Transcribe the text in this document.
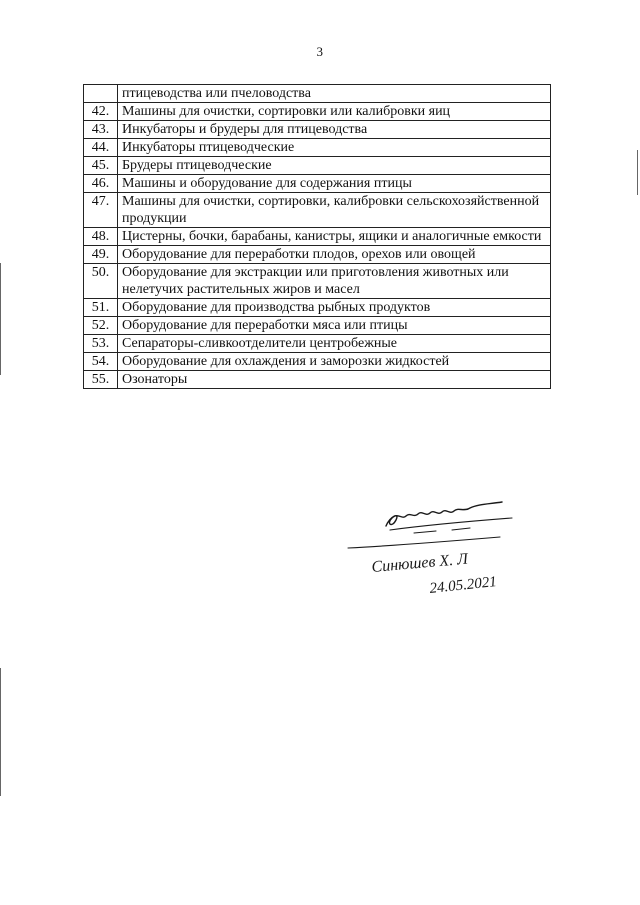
3
	птицеводства или пчеловодства
42.	Машины для очистки, сортировки или калибровки яиц
43.	Инкубаторы и брудеры для птицеводства
44.	Инкубаторы птицеводческие
45.	Брудеры птицеводческие
46.	Машины и оборудование для содержания птицы
47.	Машины для очистки, сортировки, калибровки сельскохозяйственной продукции
48.	Цистерны, бочки, барабаны, канистры, ящики и аналогичные емкости
49.	Оборудование для переработки плодов, орехов или овощей
50.	Оборудование для экстракции или приготовления животных или нелетучих растительных жиров и масел
51.	Оборудование для производства рыбных продуктов
52.	Оборудование для переработки мяса или птицы
53.	Сепараторы-сливкоотделители центробежные
54.	Оборудование для охлаждения и заморозки жидкостей
55.	Озонаторы
Синюшев Х. Л
24.05.2021
